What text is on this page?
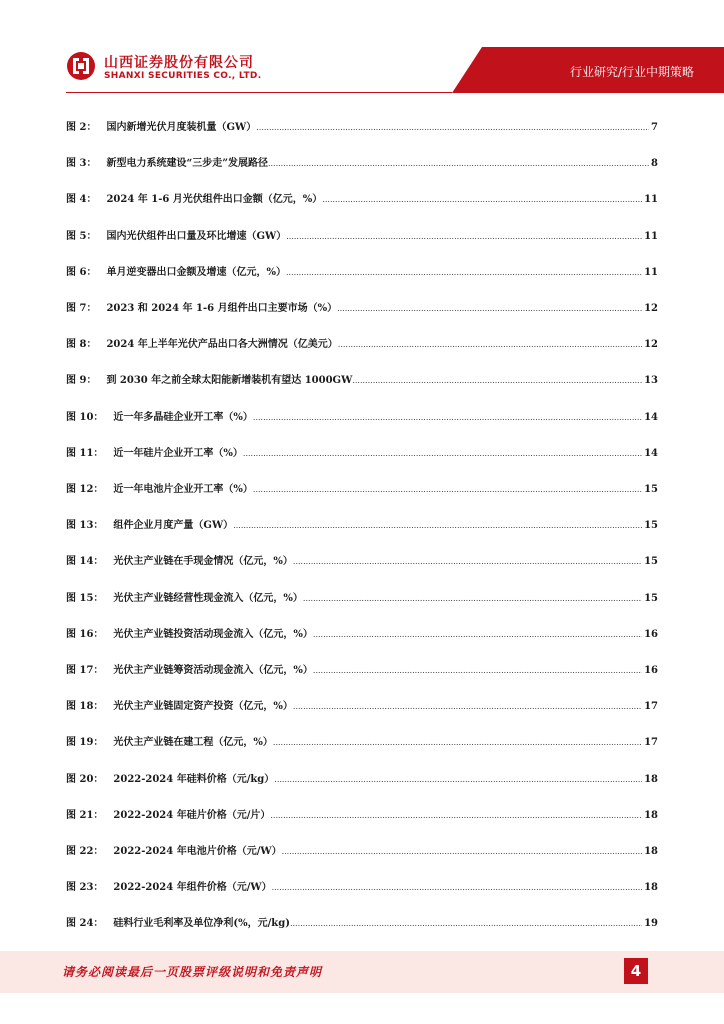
山西证券股份有限公司
SHANXI SECURITIES CO., LTD.	行业研究/行业中期策略
图 2：	国内新增光伏月度装机量（GW） .....	7
图 3：	新型电力系统建设“三步走”发展路径 .....	8
图 4：	2024 年 1-6 月光伏组件出口金额（亿元，%） .....	11
图 5：	国内光伏组件出口量及环比增速（GW） .....	11
图 6：	单月逆变器出口金额及增速（亿元，%） .....	11
图 7：	2023 和 2024 年 1-6 月组件出口主要市场（%） .....	12
图 8：	2024 年上半年光伏产品出口各大洲情况（亿美元） .....	12
图 9：	到 2030 年之前全球太阳能新增装机有望达 1000GW .....	13
图 10：	近一年多晶硅企业开工率（%） .....	14
图 11：	近一年硅片企业开工率（%） .....	14
图 12：	近一年电池片企业开工率（%） .....	15
图 13：	组件企业月度产量（GW） .....	15
图 14：	光伏主产业链在手现金情况（亿元，%） .....	15
图 15：	光伏主产业链经营性现金流入（亿元，%） .....	15
图 16：	光伏主产业链投资活动现金流入（亿元，%） .....	16
图 17：	光伏主产业链筹资活动现金流入（亿元，%） .....	16
图 18：	光伏主产业链固定资产投资（亿元，%） .....	17
图 19：	光伏主产业链在建工程（亿元，%） .....	17
图 20：	2022-2024 年硅料价格（元/kg） .....	18
图 21：	2022-2024 年硅片价格（元/片） .....	18
图 22：	2022-2024 年电池片价格（元/W） .....	18
图 23：	2022-2024 年组件价格（元/W） .....	18
图 24：	硅料行业毛利率及单位净利(%，元/kg) .....	19
请务必阅读最后一页股票评级说明和免责声明	4
